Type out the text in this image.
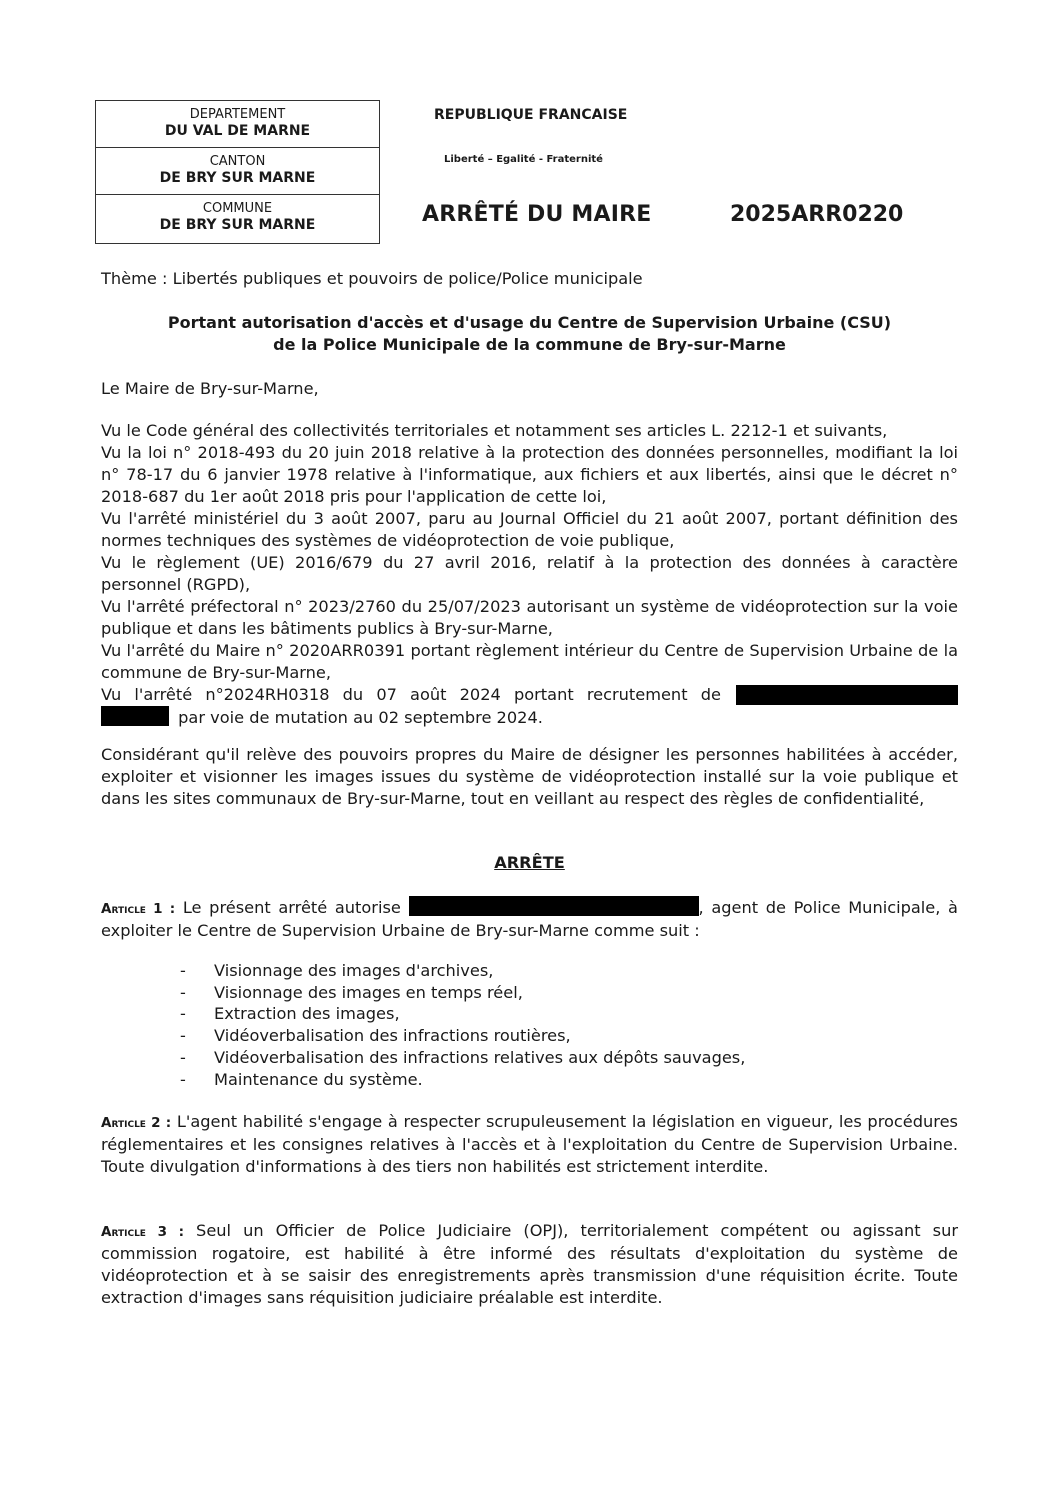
DEPARTEMENT
DU VAL DE MARNE
CANTON
DE BRY SUR MARNE
COMMUNE
DE BRY SUR MARNE
REPUBLIQUE FRANCAISE
Liberté – Egalité - Fraternité
ARRÊTÉ DU MAIRE	2025ARR0220
Thème : Libertés publiques et pouvoirs de police/Police municipale
Portant autorisation d'accès et d'usage du Centre de Supervision Urbaine (CSU)
de la Police Municipale de la commune de Bry-sur-Marne
Le Maire de Bry-sur-Marne,
Vu le Code général des collectivités territoriales et notamment ses articles L. 2212-1 et suivants,
Vu la loi n° 2018-493 du 20 juin 2018 relative à la protection des données personnelles, modifiant la loi n° 78-17 du 6 janvier 1978 relative à l'informatique, aux fichiers et aux libertés, ainsi que le décret n° 2018-687 du 1er août 2018 pris pour l'application de cette loi,
Vu l'arrêté ministériel du 3 août 2007, paru au Journal Officiel du 21 août 2007, portant définition des normes techniques des systèmes de vidéoprotection de voie publique,
Vu le règlement (UE) 2016/679 du 27 avril 2016, relatif à la protection des données à caractère personnel (RGPD),
Vu l'arrêté préfectoral n° 2023/2760 du 25/07/2023 autorisant un système de vidéoprotection sur la voie publique et dans les bâtiments publics à Bry-sur-Marne,
Vu l'arrêté du Maire n° 2020ARR0391 portant règlement intérieur du Centre de Supervision Urbaine de la commune de Bry-sur-Marne,
Vu l'arrêté n°2024RH0318 du 07 août 2024 portant recrutement de
par voie de mutation au 02 septembre 2024.
Considérant qu'il relève des pouvoirs propres du Maire de désigner les personnes habilitées à accéder, exploiter et visionner les images issues du système de vidéoprotection installé sur la voie publique et dans les sites communaux de Bry-sur-Marne, tout en veillant au respect des règles de confidentialité,
ARRÊTE
Article 1 : Le présent arrêté autorise	, agent de Police Municipale, à exploiter le Centre de Supervision Urbaine de Bry-sur-Marne comme suit :
-	Visionnage des images d'archives,
-	Visionnage des images en temps réel,
-	Extraction des images,
-	Vidéoverbalisation des infractions routières,
-	Vidéoverbalisation des infractions relatives aux dépôts sauvages,
-	Maintenance du système.
Article 2 : L'agent habilité s'engage à respecter scrupuleusement la législation en vigueur, les procédures réglementaires et les consignes relatives à l'accès et à l'exploitation du Centre de Supervision Urbaine. Toute divulgation d'informations à des tiers non habilités est strictement interdite.
Article 3 : Seul un Officier de Police Judiciaire (OPJ), territorialement compétent ou agissant sur commission rogatoire, est habilité à être informé des résultats d'exploitation du système de vidéoprotection et à se saisir des enregistrements après transmission d'une réquisition écrite. Toute extraction d'images sans réquisition judiciaire préalable est interdite.
